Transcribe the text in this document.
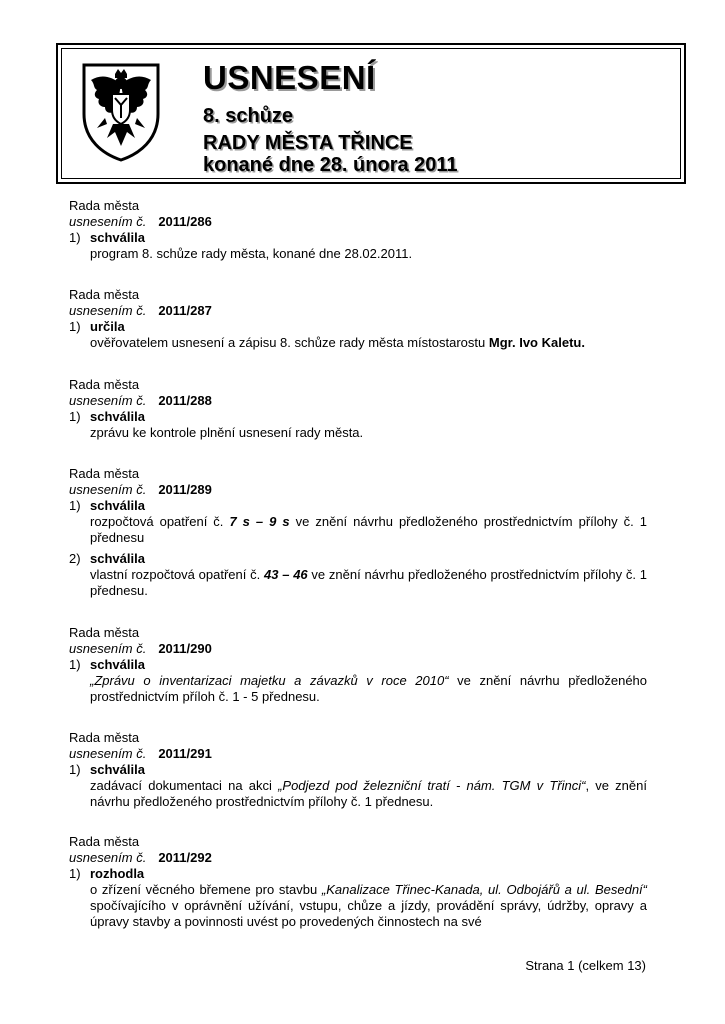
USNESENÍ
8. schůze
RADY MĚSTA TŘINCE
konané dne 28. února 2011
Rada města
usnesením č. 2011/286
1) schválila
program 8. schůze rady města, konané dne 28.02.2011.
Rada města
usnesením č. 2011/287
1) určila
ověřovatelem usnesení a zápisu 8. schůze rady města místostarostu Mgr. Ivo Kaletu.
Rada města
usnesením č. 2011/288
1) schválila
zprávu ke kontrole plnění usnesení rady města.
Rada města
usnesením č. 2011/289
1) schválila
rozpočtová opatření č. 7 s – 9 s ve znění návrhu předloženého prostřednictvím přílohy č. 1 přednesu
2) schválila
vlastní rozpočtová opatření č. 43 – 46 ve znění návrhu předloženého prostřednictvím přílohy č. 1 přednesu.
Rada města
usnesením č. 2011/290
1) schválila
„Zprávu o inventarizaci majetku a závazků v roce 2010“ ve znění návrhu předloženého prostřednictvím příloh č. 1 - 5 přednesu.
Rada města
usnesením č. 2011/291
1) schválila
zadávací dokumentaci na akci „Podjezd pod železniční tratí - nám. TGM v Třinci“, ve znění návrhu předloženého prostřednictvím přílohy č. 1 přednesu.
Rada města
usnesením č. 2011/292
1) rozhodla
o zřízení věcného břemene pro stavbu „Kanalizace Třinec-Kanada, ul. Odbojářů a ul. Besední“ spočívajícího v oprávnění užívání, vstupu, chůze a jízdy, provádění správy, údržby, opravy a úpravy stavby a povinnosti uvést po provedených činnostech na své
Strana 1 (celkem 13)
